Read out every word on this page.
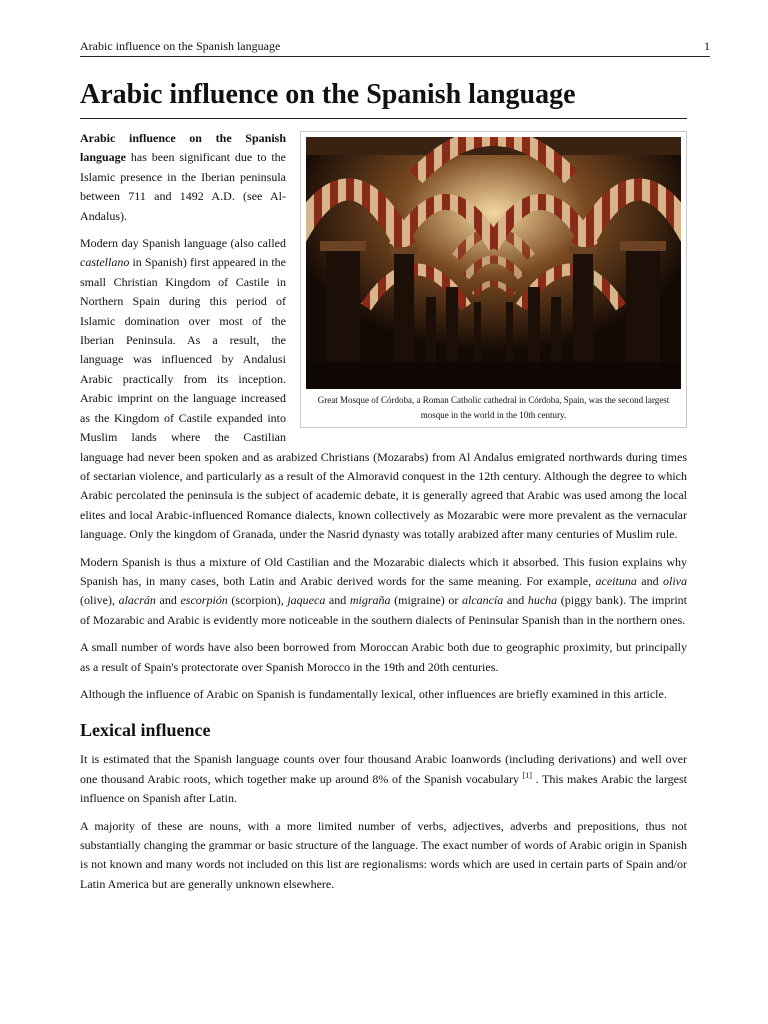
Arabic influence on the Spanish language	1
Arabic influence on the Spanish language
Great Mosque of Córdoba, a Roman Catholic cathedral in Córdoba, Spain, was the second largest mosque in the world in the 10th century.

Arabic influence on the Spanish language has been significant due to the Islamic presence in the Iberian peninsula between 711 and 1492 A.D. (see Al-Andalus).

Modern day Spanish language (also called castellano in Spanish) first appeared in the small Christian Kingdom of Castile in Northern Spain during this period of Islamic domination over most of the Iberian Peninsula. As a result, the language was influenced by Andalusi Arabic practically from its inception. Arabic imprint on the language increased as the Kingdom of Castile expanded into Muslim lands where the Castilian language had never been spoken and as arabized Christians (Mozarabs) from Al Andalus emigrated northwards during times of sectarian violence, and particularly as a result of the Almoravid conquest in the 12th century. Although the degree to which Arabic percolated the peninsula is the subject of academic debate, it is generally agreed that Arabic was used among the local elites and local Arabic-influenced Romance dialects, known collectively as Mozarabic were more prevalent as the vernacular language. Only the kingdom of Granada, under the Nasrid dynasty was totally arabized after many centuries of Muslim rule.

Modern Spanish is thus a mixture of Old Castilian and the Mozarabic dialects which it absorbed. This fusion explains why Spanish has, in many cases, both Latin and Arabic derived words for the same meaning. For example, aceituna and oliva (olive), alacrán and escorpión (scorpion), jaqueca and migraña (migraine) or alcancía and hucha (piggy bank). The imprint of Mozarabic and Arabic is evidently more noticeable in the southern dialects of Peninsular Spanish than in the northern ones.

A small number of words have also been borrowed from Moroccan Arabic both due to geographic proximity, but principally as a result of Spain's protectorate over Spanish Morocco in the 19th and 20th centuries.

Although the influence of Arabic on Spanish is fundamentally lexical, other influences are briefly examined in this article.

Lexical influence

It is estimated that the Spanish language counts over four thousand Arabic loanwords (including derivations) and well over one thousand Arabic roots, which together make up around 8% of the Spanish vocabulary [1] . This makes Arabic the largest influence on Spanish after Latin.

A majority of these are nouns, with a more limited number of verbs, adjectives, adverbs and prepositions, thus not substantially changing the grammar or basic structure of the language. The exact number of words of Arabic origin in Spanish is not known and many words not included on this list are regionalisms: words which are used in certain parts of Spain and/or Latin America but are generally unknown elsewhere.
